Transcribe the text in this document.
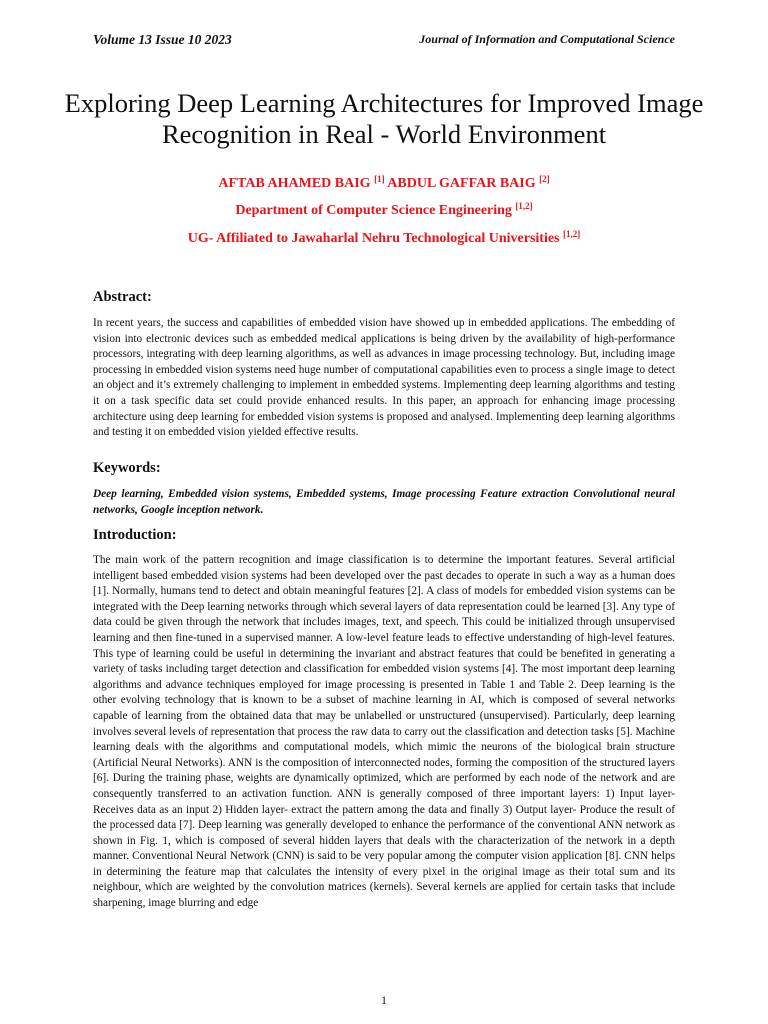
Volume 13 Issue 10 2023	Journal of Information and Computational Science
Exploring Deep Learning Architectures for Improved Image Recognition in Real - World Environment
AFTAB AHAMED BAIG [1] ABDUL GAFFAR BAIG [2]
Department of Computer Science Engineering [1,2]
UG- Affiliated to Jawaharlal Nehru Technological Universities [1,2]
Abstract:
In recent years, the success and capabilities of embedded vision have showed up in embedded applications. The embedding of vision into electronic devices such as embedded medical applications is being driven by the availability of high-performance processors, integrating with deep learning algorithms, as well as advances in image processing technology. But, including image processing in embedded vision systems need huge number of computational capabilities even to process a single image to detect an object and it’s extremely challenging to implement in embedded systems. Implementing deep learning algorithms and testing it on a task specific data set could provide enhanced results. In this paper, an approach for enhancing image processing architecture using deep learning for embedded vision systems is proposed and analysed. Implementing deep learning algorithms and testing it on embedded vision yielded effective results.
Keywords:
Deep learning, Embedded vision systems, Embedded systems, Image processing Feature extraction Convolutional neural networks, Google inception network.
Introduction:
The main work of the pattern recognition and image classification is to determine the important features. Several artificial intelligent based embedded vision systems had been developed over the past decades to operate in such a way as a human does [1]. Normally, humans tend to detect and obtain meaningful features [2]. A class of models for embedded vision systems can be integrated with the Deep learning networks through which several layers of data representation could be learned [3]. Any type of data could be given through the network that includes images, text, and speech. This could be initialized through unsupervised learning and then fine-tuned in a supervised manner. A low-level feature leads to effective understanding of high-level features. This type of learning could be useful in determining the invariant and abstract features that could be benefited in generating a variety of tasks including target detection and classification for embedded vision systems [4]. The most important deep learning algorithms and advance techniques employed for image processing is presented in Table 1 and Table 2. Deep learning is the other evolving technology that is known to be a subset of machine learning in AI, which is composed of several networks capable of learning from the obtained data that may be unlabelled or unstructured (unsupervised). Particularly, deep learning involves several levels of representation that process the raw data to carry out the classification and detection tasks [5]. Machine learning deals with the algorithms and computational models, which mimic the neurons of the biological brain structure (Artificial Neural Networks). ANN is the composition of interconnected nodes, forming the composition of the structured layers [6]. During the training phase, weights are dynamically optimized, which are performed by each node of the network and are consequently transferred to an activation function. ANN is generally composed of three important layers: 1) Input layer- Receives data as an input 2) Hidden layer- extract the pattern among the data and finally 3) Output layer- Produce the result of the processed data [7]. Deep learning was generally developed to enhance the performance of the conventional ANN network as shown in Fig. 1, which is composed of several hidden layers that deals with the characterization of the network in a depth manner. Conventional Neural Network (CNN) is said to be very popular among the computer vision application [8]. CNN helps in determining the feature map that calculates the intensity of every pixel in the original image as their total sum and its neighbour, which are weighted by the convolution matrices (kernels). Several kernels are applied for certain tasks that include sharpening, image blurring and edge
1
